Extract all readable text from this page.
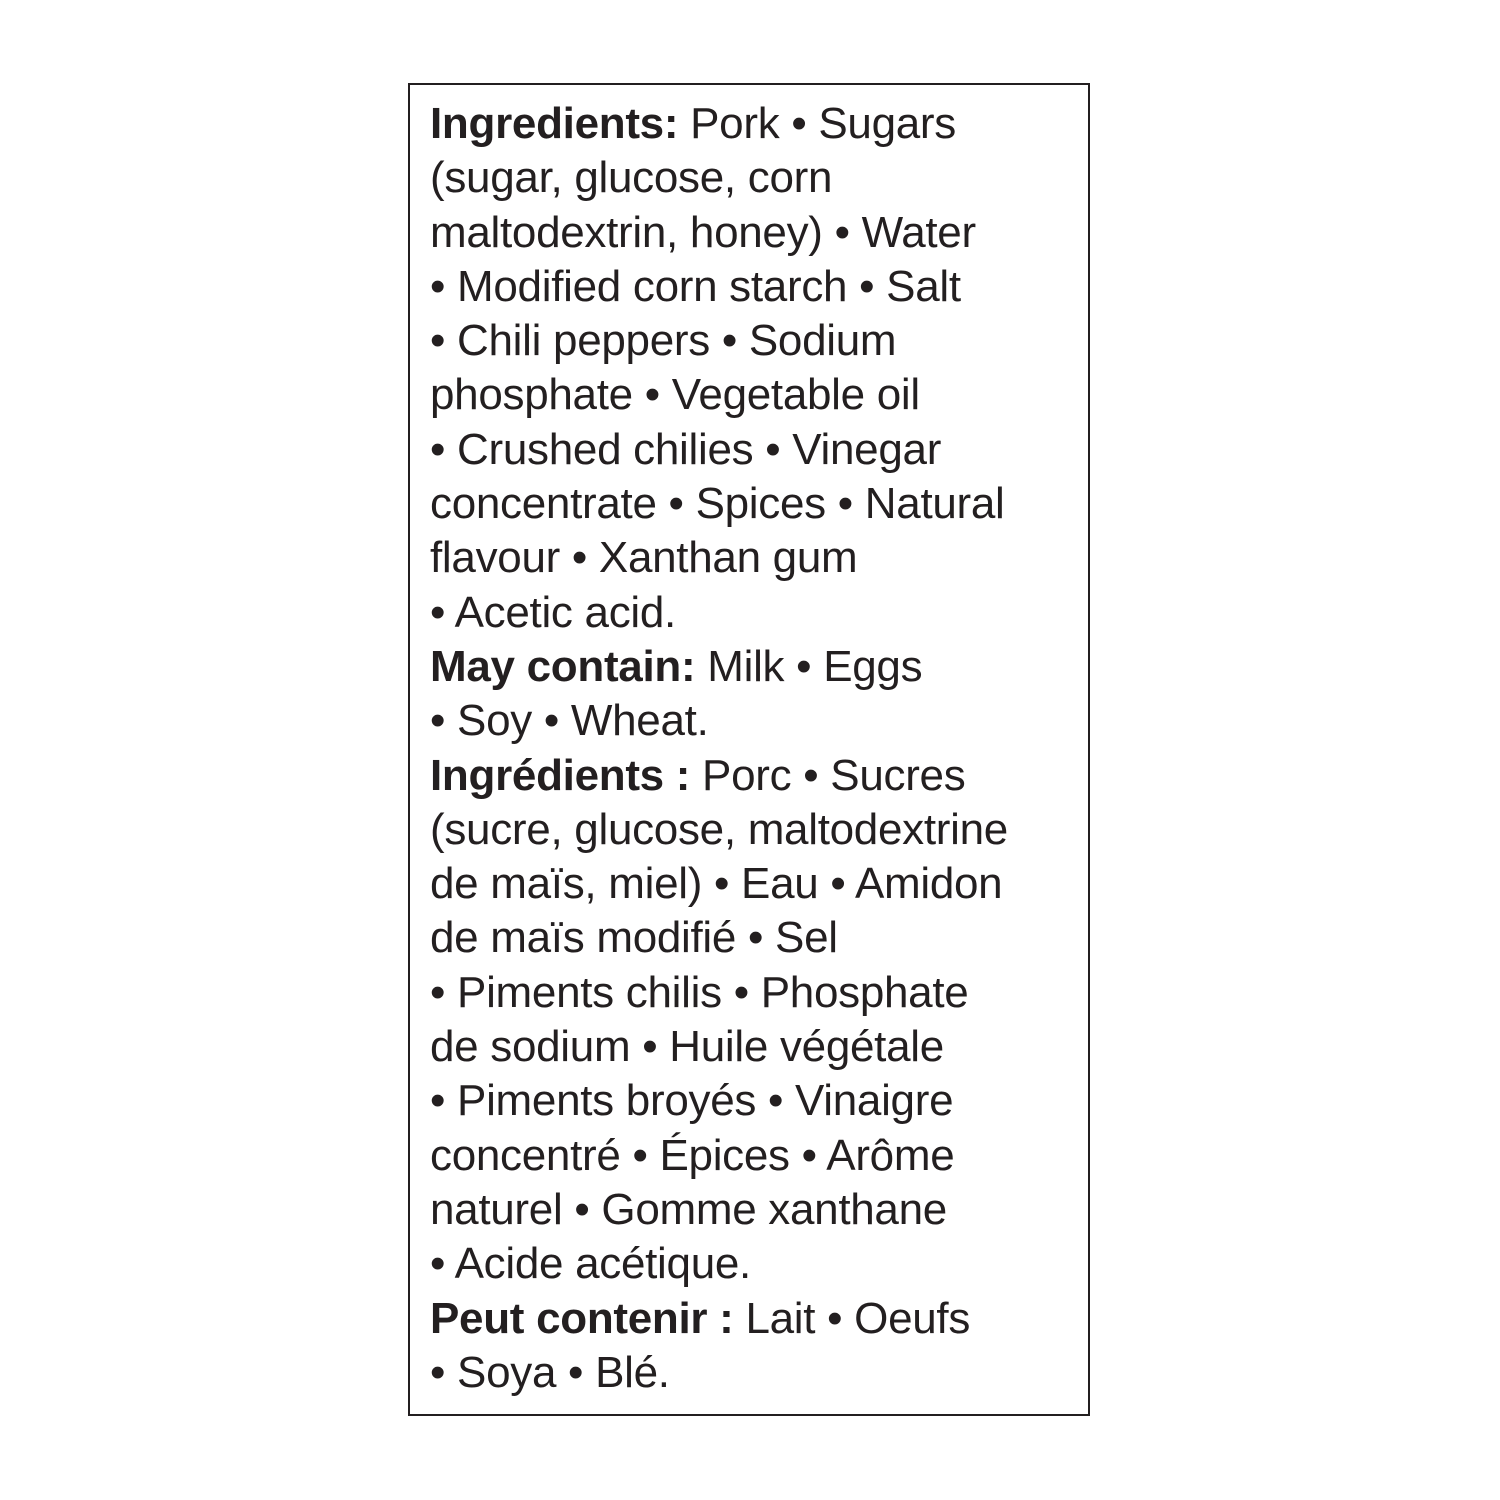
Ingredients: Pork • Sugars
(sugar, glucose, corn
maltodextrin, honey) • Water
• Modified corn starch • Salt
• Chili peppers • Sodium
phosphate • Vegetable oil
• Crushed chilies • Vinegar
concentrate • Spices • Natural
flavour • Xanthan gum
• Acetic acid.
May contain: Milk • Eggs
• Soy • Wheat.
Ingrédients : Porc • Sucres
(sucre, glucose, maltodextrine
de maïs, miel) • Eau • Amidon
de maïs modifié • Sel
• Piments chilis • Phosphate
de sodium • Huile végétale
• Piments broyés • Vinaigre
concentré • Épices • Arôme
naturel • Gomme xanthane
• Acide acétique.
Peut contenir : Lait • Oeufs
• Soya • Blé.
